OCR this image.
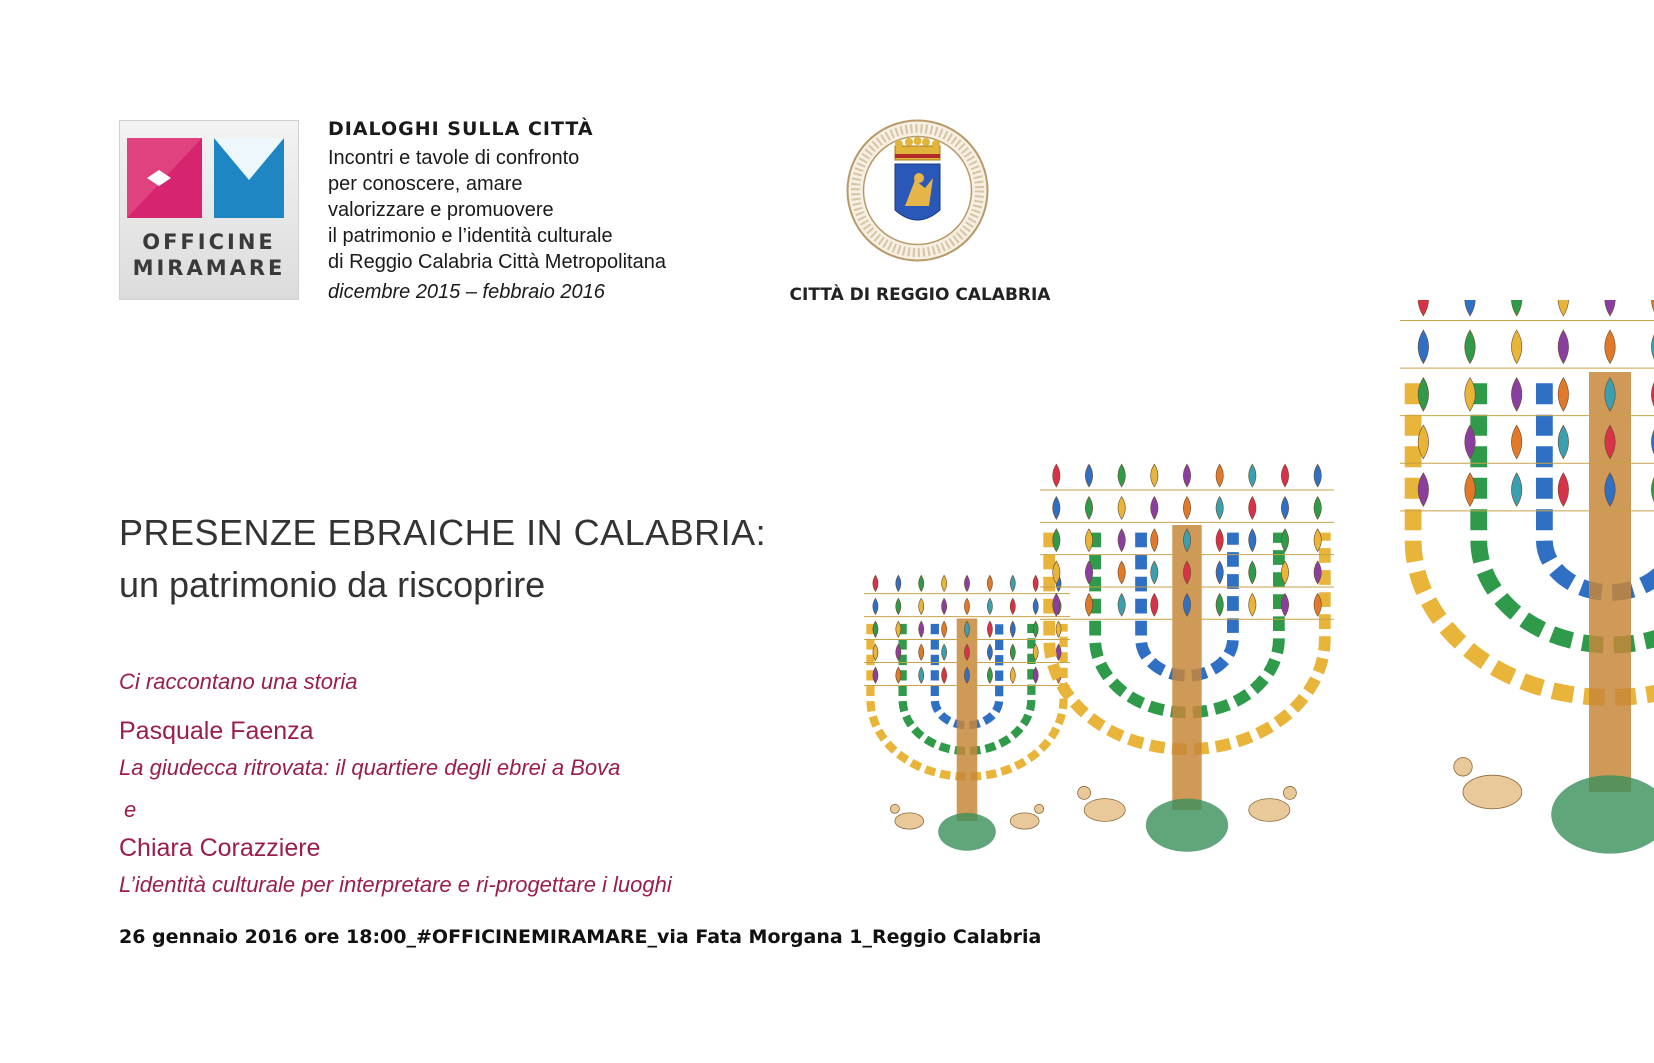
OFFICINE
MIRAMARE
DIALOGHI SULLA CITTÀ
Incontri e tavole di confronto
per conoscere, amare
valorizzare e promuovere
il patrimonio e l’identità culturale
di Reggio Calabria Città Metropolitana
dicembre 2015 – febbraio 2016	CITTÀ DI REGGIO CALABRIA
PRESENZE EBRAICHE IN CALABRIA:
un patrimonio da riscoprire
Ci raccontano una storia
Pasquale Faenza
La giudecca ritrovata: il quartiere degli ebrei a Bova
e
Chiara Corazziere
L’identità culturale per interpretare e ri-progettare i luoghi
26 gennaio 2016 ore 18:00_#OFFICINEMIRAMARE_via Fata Morgana 1_Reggio Calabria
